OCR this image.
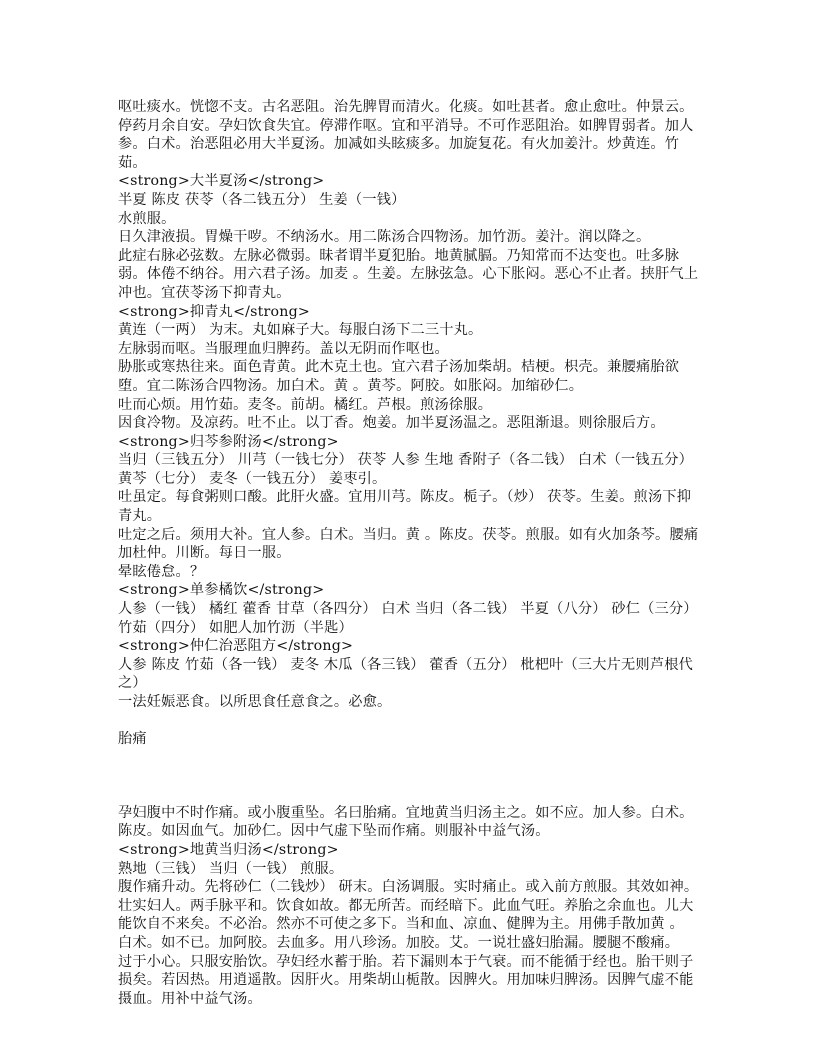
呕吐痰水。恍惚不支。古名恶阻。治先脾胃而清火。化痰。如吐甚者。愈止愈吐。仲景云。停药月余自安。孕妇饮食失宜。停滞作呕。宜和平消导。不可作恶阻治。如脾胃弱者。加人参。白术。治恶阻必用大半夏汤。加减如头眩痰多。加旋复花。有火加姜汁。炒黄连。竹茹。
<strong>大半夏汤</strong>
半夏 陈皮 茯苓（各二钱五分） 生姜（一钱）
水煎服。
日久津液损。胃燥干哕。不纳汤水。用二陈汤合四物汤。加竹沥。姜汁。润以降之。
此症右脉必弦数。左脉必微弱。昧者谓半夏犯胎。地黄腻膈。乃知常而不达变也。吐多脉弱。体倦不纳谷。用六君子汤。加麦 。生姜。左脉弦急。心下胀闷。恶心不止者。挟肝气上冲也。宜茯苓汤下抑青丸。
<strong>抑青丸</strong>
黄连（一两） 为末。丸如麻子大。每服白汤下二三十丸。
左脉弱而呕。当服理血归脾药。盖以无阴而作呕也。
胁胀或寒热往来。面色青黄。此木克土也。宜六君子汤加柴胡。桔梗。枳壳。兼腰痛胎欲堕。宜二陈汤合四物汤。加白术。黄 。黄芩。阿胶。如胀闷。加缩砂仁。
吐而心烦。用竹茹。麦冬。前胡。橘红。芦根。煎汤徐服。
因食冷物。及凉药。吐不止。以丁香。炮姜。加半夏汤温之。恶阻渐退。则徐服后方。
<strong>归芩参附汤</strong>
当归（三钱五分） 川芎（一钱七分） 茯苓 人参 生地 香附子（各二钱） 白术（一钱五分）黄芩（七分） 麦冬（一钱五分） 姜枣引。
吐虽定。每食粥则口酸。此肝火盛。宜用川芎。陈皮。栀子。（炒） 茯苓。生姜。煎汤下抑青丸。
吐定之后。须用大补。宜人参。白术。当归。黄 。陈皮。茯苓。煎服。如有火加条芩。腰痛加杜仲。川断。每日一服。
晕眩倦怠。？
<strong>单参橘饮</strong>
人参（一钱） 橘红 藿香 甘草（各四分） 白术 当归（各二钱） 半夏（八分） 砂仁（三分）竹茹（四分） 如肥人加竹沥（半匙）
<strong>仲仁治恶阻方</strong>
人参 陈皮 竹茹（各一钱） 麦冬 木瓜（各三钱） 藿香（五分） 枇杷叶（三大片无则芦根代之）
一法妊娠恶食。以所思食任意食之。必愈。
胎痛
孕妇腹中不时作痛。或小腹重坠。名曰胎痛。宜地黄当归汤主之。如不应。加人参。白术。陈皮。如因血气。加砂仁。因中气虚下坠而作痛。则服补中益气汤。
<strong>地黄当归汤</strong>
熟地（三钱） 当归（一钱） 煎服。
腹作痛升动。先将砂仁（二钱炒） 研末。白汤调服。实时痛止。或入前方煎服。其效如神。
壮实妇人。两手脉平和。饮食如故。都无所苦。而经暗下。此血气旺。养胎之余血也。儿大能饮自不来矣。不必治。然亦不可使之多下。当和血、凉血、健脾为主。用佛手散加黄 。
白术。如不已。加阿胶。去血多。用八珍汤。加胶。艾。一说壮盛妇胎漏。腰腿不酸痛。
过于小心。只服安胎饮。孕妇经水蓄于胎。若下漏则本于气衰。而不能循于经也。胎干则子损矣。若因热。用逍遥散。因肝火。用柴胡山栀散。因脾火。用加味归脾汤。因脾气虚不能摄血。用补中益气汤。
